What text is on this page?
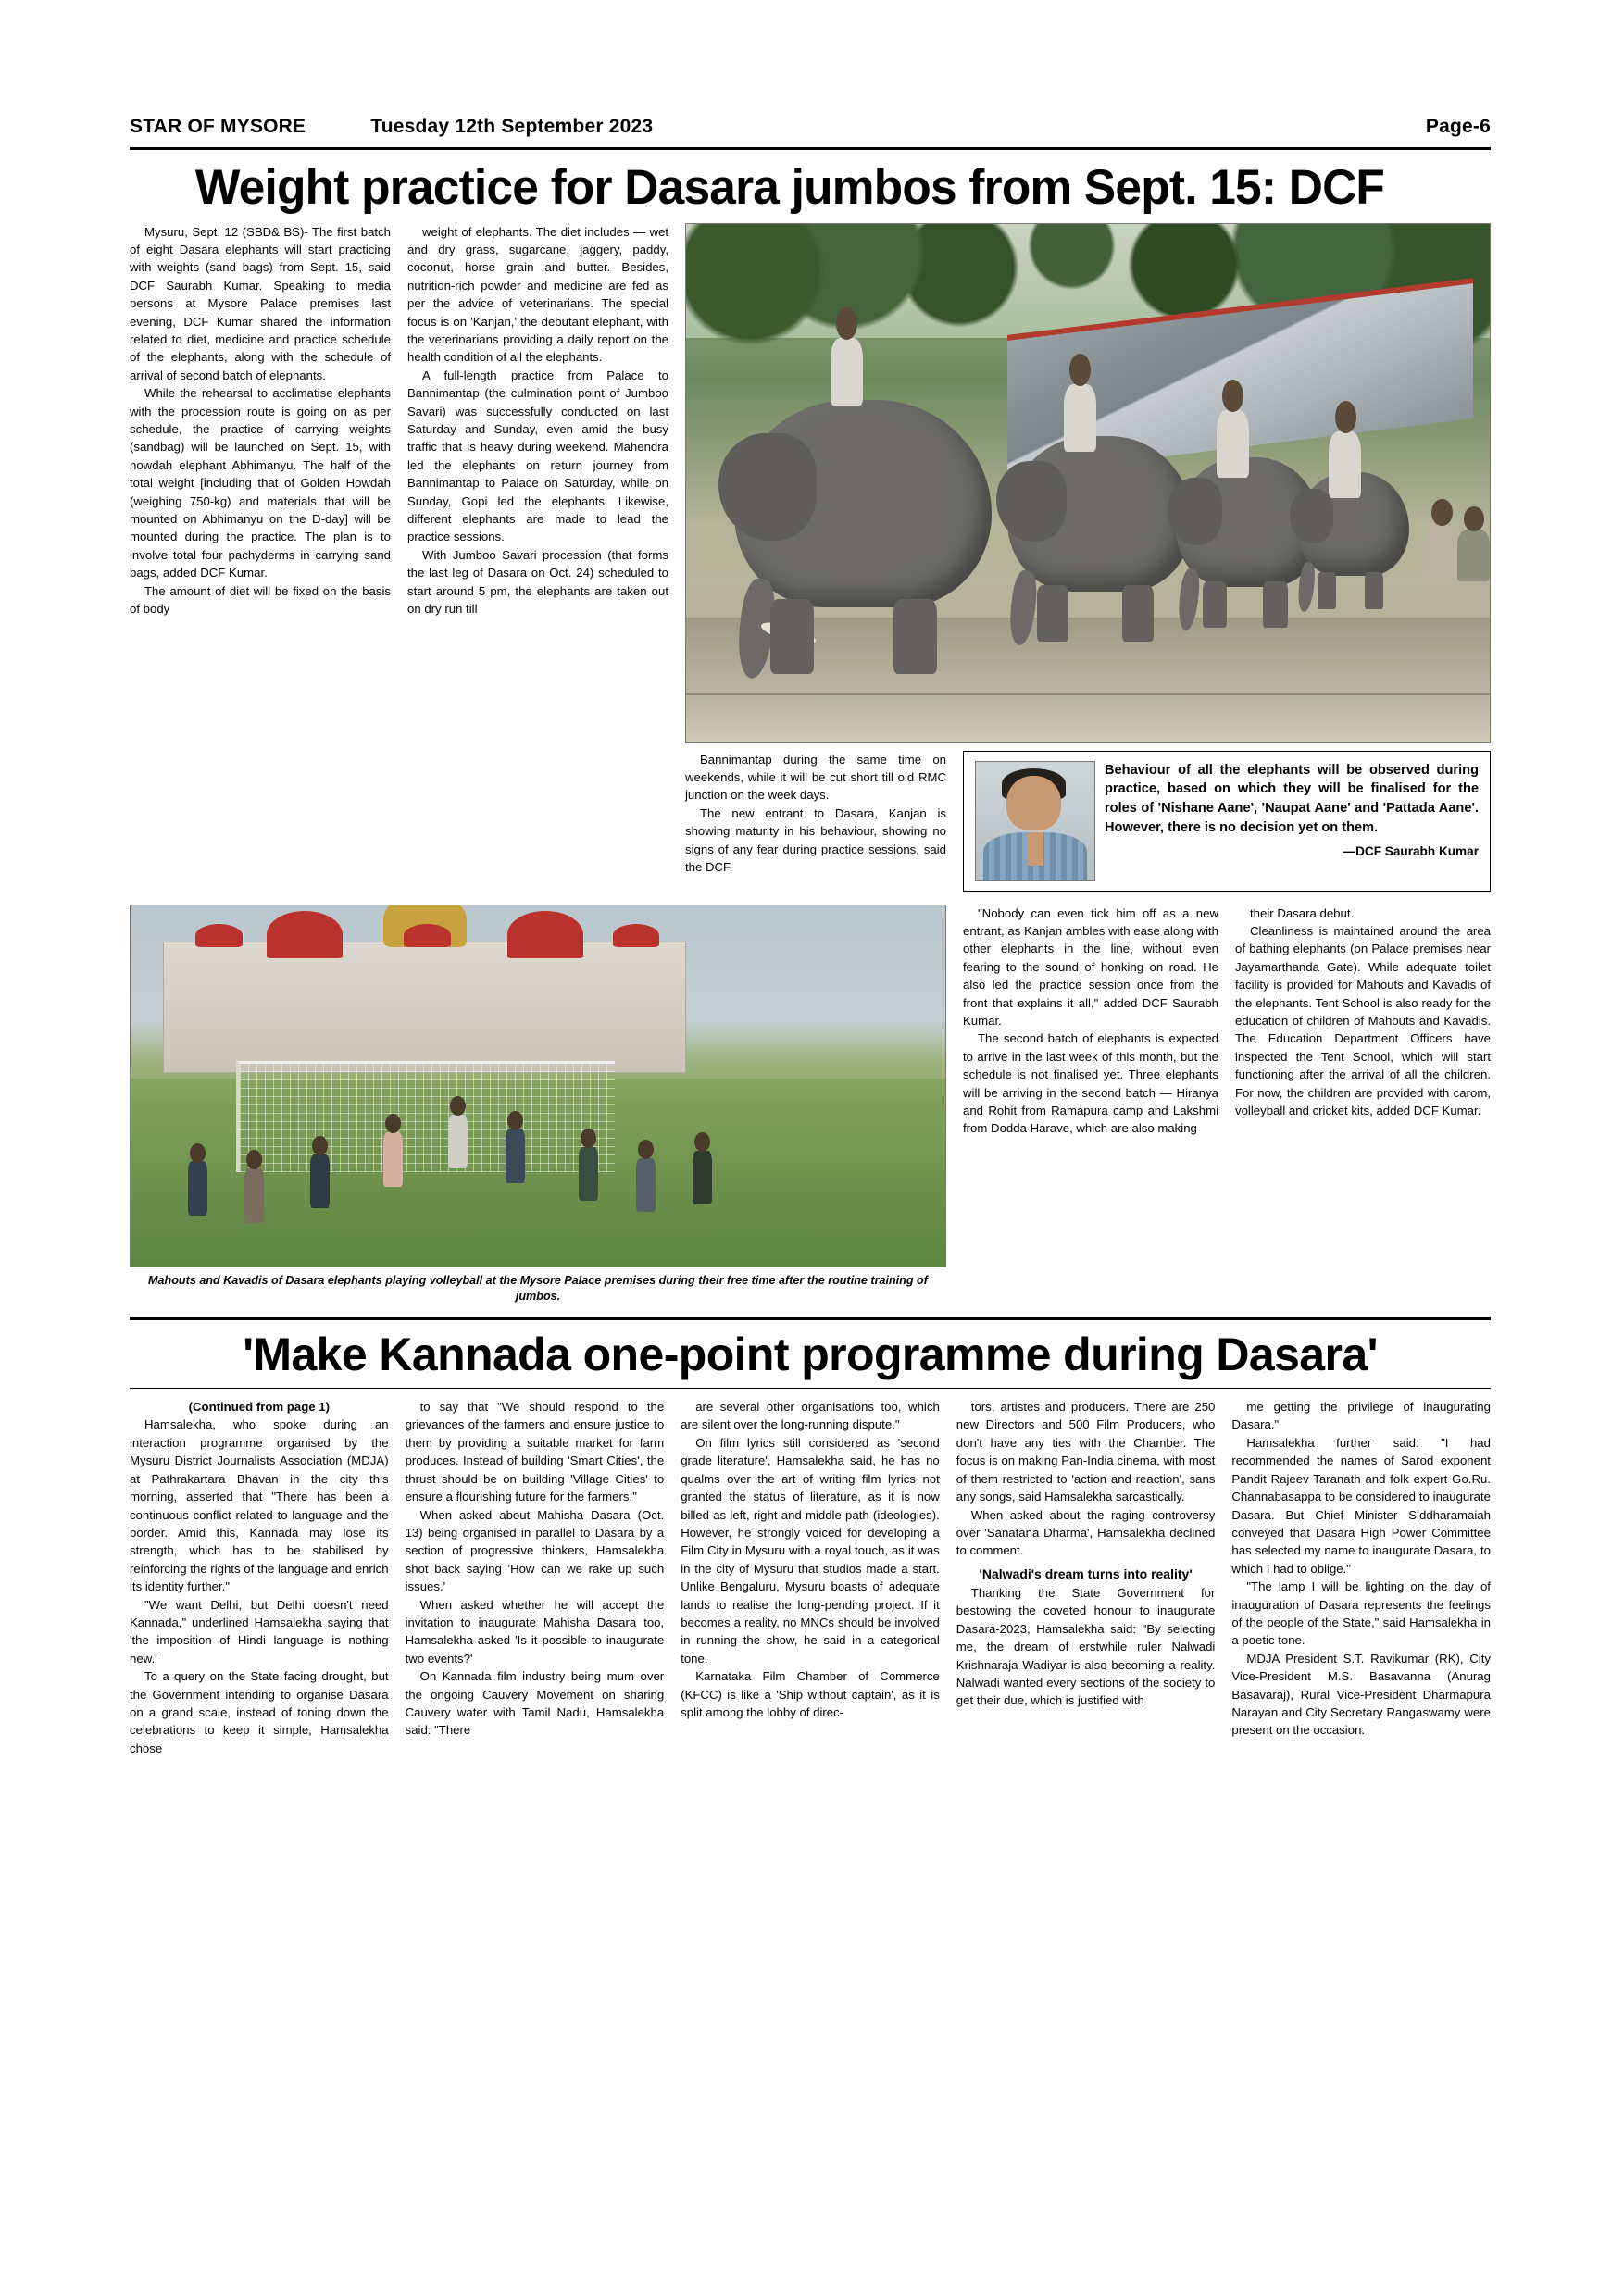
STAR OF MYSORE	Tuesday 12th September 2023	Page-6
Weight practice for Dasara jumbos from Sept. 15: DCF

Mysuru, Sept. 12 (SBD& BS)- The first batch of eight Dasara elephants will start practicing with weights (sand bags) from Sept. 15, said DCF Saurabh Kumar. Speaking to media persons at Mysore Palace premises last evening, DCF Kumar shared the information related to diet, medicine and practice schedule of the elephants, along with the schedule of arrival of second batch of elephants.

While the rehearsal to acclimatise elephants with the procession route is going on as per schedule, the practice of carrying weights (sandbag) will be launched on Sept. 15, with howdah elephant Abhimanyu. The half of the total weight [including that of Golden Howdah (weighing 750-kg) and materials that will be mounted on Abhimanyu on the D-day] will be mounted during the practice. The plan is to involve total four pachyderms in carrying sand bags, added DCF Kumar.

The amount of diet will be fixed on the basis of body

weight of elephants. The diet includes — wet and dry grass, sugarcane, jaggery, paddy, coconut, horse grain and butter. Besides, nutrition-rich powder and medicine are fed as per the advice of veterinarians. The special focus is on 'Kanjan,' the debutant elephant, with the veterinarians providing a daily report on the health condition of all the elephants.

A full-length practice from Palace to Bannimantap (the culmination point of Jumboo Savari) was successfully conducted on last Saturday and Sunday, even amid the busy traffic that is heavy during weekend. Mahendra led the elephants on return journey from Bannimantap to Palace on Saturday, while on Sunday, Gopi led the elephants. Likewise, different elephants are made to lead the practice sessions.

With Jumboo Savari procession (that forms the last leg of Dasara on Oct. 24) scheduled to start around 5 pm, the elephants are taken out on dry run till

Bannimantap during the same time on weekends, while it will be cut short till old RMC junction on the week days.

The new entrant to Dasara, Kanjan is showing maturity in his behaviour, showing no signs of any fear during practice sessions, said the DCF.

Behaviour of all the elephants will be observed during practice, based on which they will be finalised for the roles of 'Nishane Aane', 'Naupat Aane' and 'Pattada Aane'. However, there is no decision yet on them.
—DCF Saurabh Kumar
Mahouts and Kavadis of Dasara elephants playing volleyball at the Mysore Palace premises during their free time after the routine training of jumbos.

"Nobody can even tick him off as a new entrant, as Kanjan ambles with ease along with other elephants in the line, without even fearing to the sound of honking on road. He also led the practice session once from the front that explains it all," added DCF Saurabh Kumar.

The second batch of elephants is expected to arrive in the last week of this month, but the schedule is not finalised yet. Three elephants will be arriving in the second batch — Hiranya and Rohit from Ramapura camp and Lakshmi from Dodda Harave, which are also making

their Dasara debut.

Cleanliness is maintained around the area of bathing elephants (on Palace premises near Jayamarthanda Gate). While adequate toilet facility is provided for Mahouts and Kavadis of the elephants. Tent School is also ready for the education of children of Mahouts and Kavadis. The Education Department Officers have inspected the Tent School, which will start functioning after the arrival of all the children. For now, the children are provided with carom, volleyball and cricket kits, added DCF Kumar.

'Make Kannada one-point programme during Dasara'

(Continued from page 1)

Hamsalekha, who spoke during an interaction programme organised by the Mysuru District Journalists Association (MDJA) at Pathrakartara Bhavan in the city this morning, asserted that "There has been a continuous conflict related to language and the border. Amid this, Kannada may lose its strength, which has to be stabilised by reinforcing the rights of the language and enrich its identity further."

"We want Delhi, but Delhi doesn't need Kannada," underlined Hamsalekha saying that 'the imposition of Hindi language is nothing new.'

To a query on the State facing drought, but the Government intending to organise Dasara on a grand scale, instead of toning down the celebrations to keep it simple, Hamsalekha chose

to say that "We should respond to the grievances of the farmers and ensure justice to them by providing a suitable market for farm produces. Instead of building 'Smart Cities', the thrust should be on building 'Village Cities' to ensure a flourishing future for the farmers."

When asked about Mahisha Dasara (Oct. 13) being organised in parallel to Dasara by a section of progressive thinkers, Hamsalekha shot back saying 'How can we rake up such issues.'

When asked whether he will accept the invitation to inaugurate Mahisha Dasara too, Hamsalekha asked 'Is it possible to inaugurate two events?'

On Kannada film industry being mum over the ongoing Cauvery Movement on sharing Cauvery water with Tamil Nadu, Hamsalekha said: "There

are several other organisations too, which are silent over the long-running dispute."

On film lyrics still considered as 'second grade literature', Hamsalekha said, he has no qualms over the art of writing film lyrics not granted the status of literature, as it is now billed as left, right and middle path (ideologies). However, he strongly voiced for developing a Film City in Mysuru with a royal touch, as it was in the city of Mysuru that studios made a start. Unlike Bengaluru, Mysuru boasts of adequate lands to realise the long-pending project. If it becomes a reality, no MNCs should be involved in running the show, he said in a categorical tone.

Karnataka Film Chamber of Commerce (KFCC) is like a 'Ship without captain', as it is split among the lobby of direc-

tors, artistes and producers. There are 250 new Directors and 500 Film Producers, who don't have any ties with the Chamber. The focus is on making Pan-India cinema, with most of them restricted to 'action and reaction', sans any songs, said Hamsalekha sarcastically.

When asked about the raging controversy over 'Sanatana Dharma', Hamsalekha declined to comment.

'Nalwadi's dream turns into reality'

Thanking the State Government for bestowing the coveted honour to inaugurate Dasara-2023, Hamsalekha said: "By selecting me, the dream of erstwhile ruler Nalwadi Krishnaraja Wadiyar is also becoming a reality. Nalwadi wanted every sections of the society to get their due, which is justified with

me getting the privilege of inaugurating Dasara."

Hamsalekha further said: "I had recommended the names of Sarod exponent Pandit Rajeev Taranath and folk expert Go.Ru. Channabasappa to be considered to inaugurate Dasara. But Chief Minister Siddharamaiah conveyed that Dasara High Power Committee has selected my name to inaugurate Dasara, to which I had to oblige."

"The lamp I will be lighting on the day of inauguration of Dasara represents the feelings of the people of the State," said Hamsalekha in a poetic tone.

MDJA President S.T. Ravikumar (RK), City Vice-President M.S. Basavanna (Anurag Basavaraj), Rural Vice-President Dharmapura Narayan and City Secretary Rangaswamy were present on the occasion.
